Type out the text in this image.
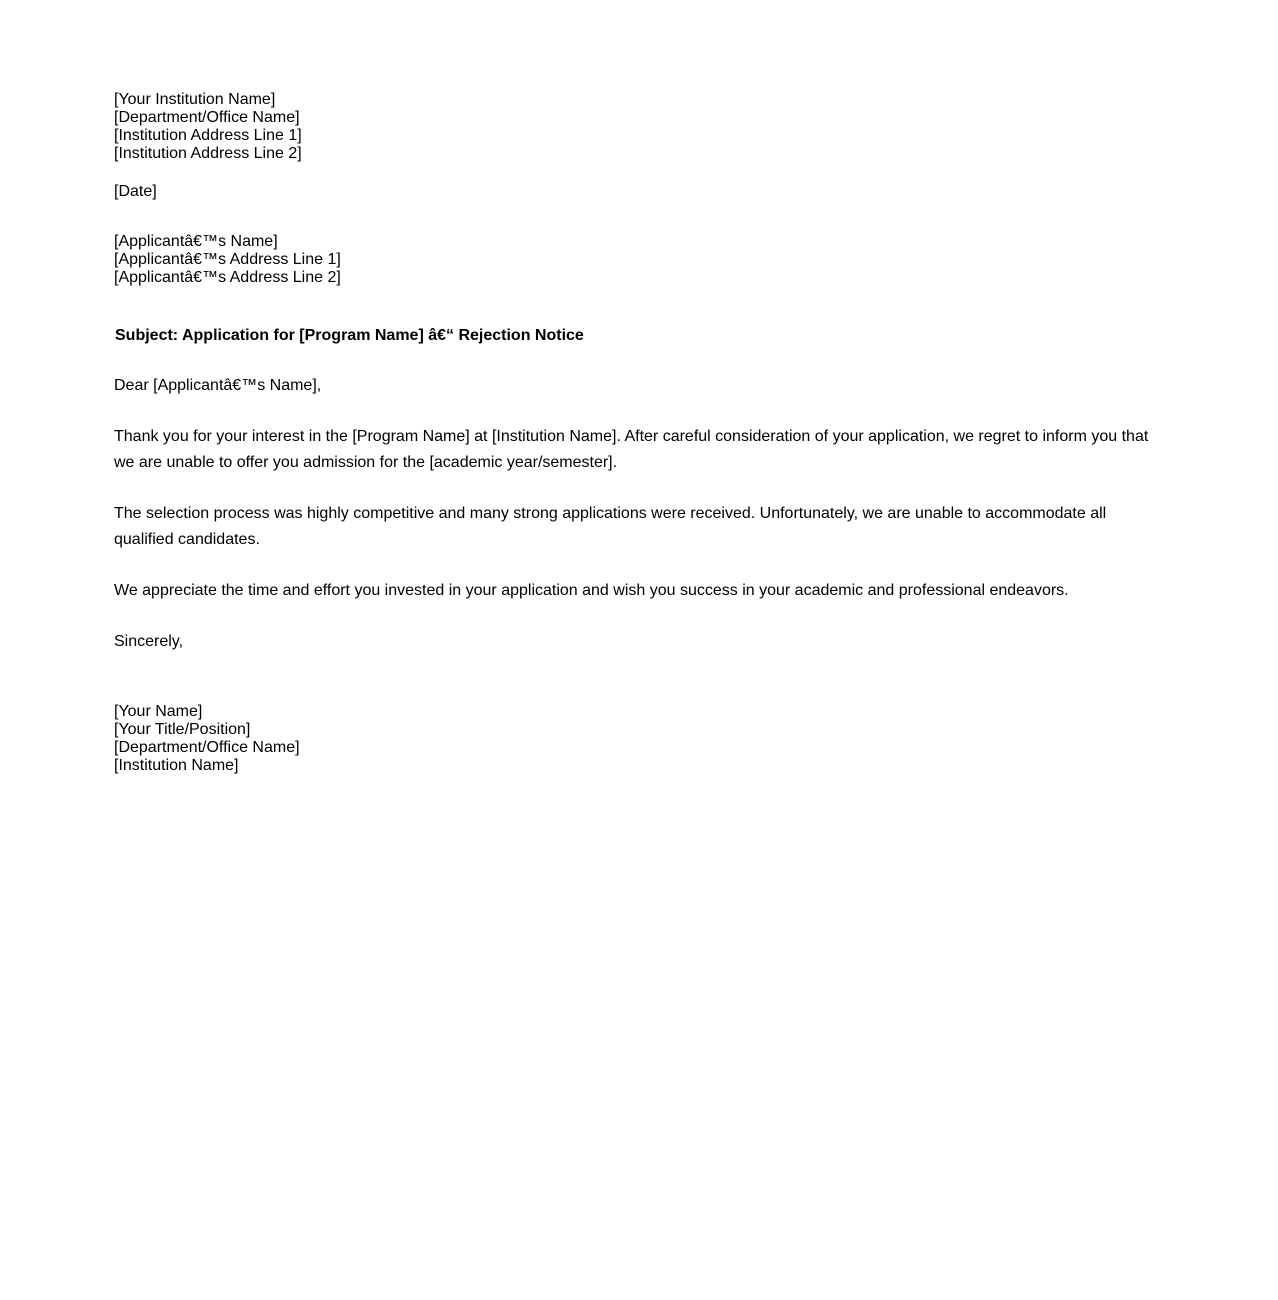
[Your Institution Name]
[Department/Office Name]
[Institution Address Line 1]
[Institution Address Line 2]
[Date]
[Applicantâ€™s Name]
[Applicantâ€™s Address Line 1]
[Applicantâ€™s Address Line 2]
Subject: Application for [Program Name] â€“ Rejection Notice
Dear [Applicantâ€™s Name],

Thank you for your interest in the [Program Name] at [Institution Name]. After careful consideration of your application, we regret to inform you that we are unable to offer you admission for the [academic year/semester].

The selection process was highly competitive and many strong applications were received. Unfortunately, we are unable to accommodate all qualified candidates.

We appreciate the time and effort you invested in your application and wish you success in your academic and professional endeavors.

Sincerely,
[Your Name]
[Your Title/Position]
[Department/Office Name]
[Institution Name]
